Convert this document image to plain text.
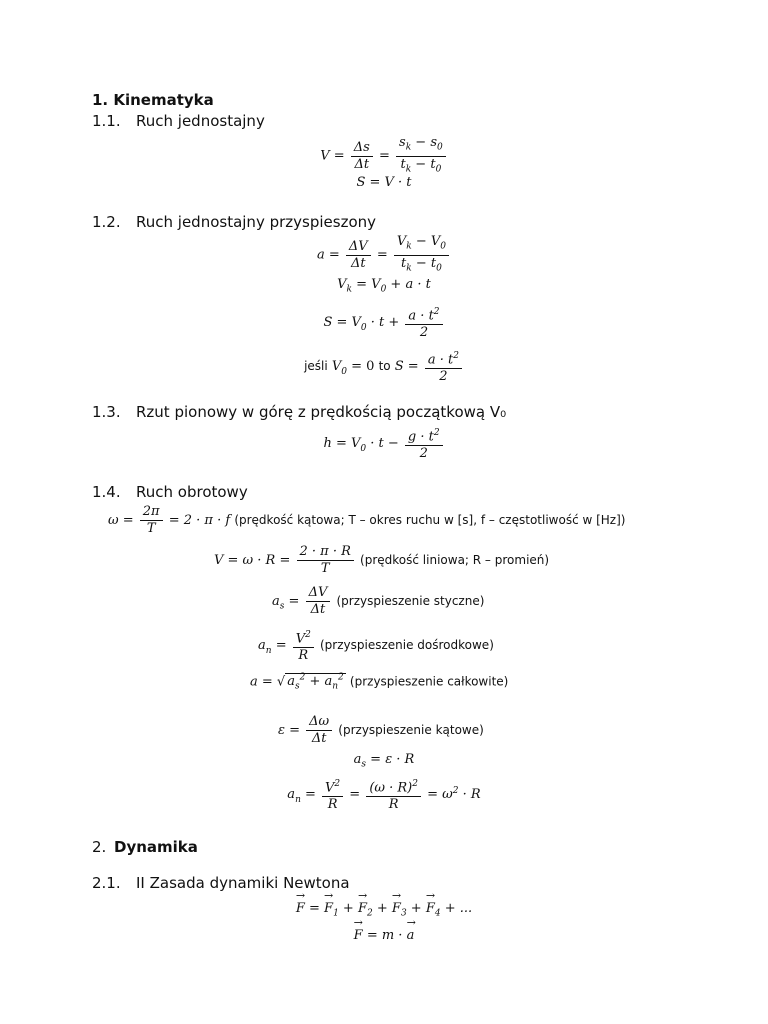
1. Kinematyka
1.1. Ruch jednostajny
$V = \frac{\Delta s}{\Delta t} = \frac{s_k - s_0}{t_k - t_0}$
S = V · t
1.2. Ruch jednostajny przyspieszony
$a = \frac{\Delta V}{\Delta t} = \frac{V_k - V_0}{t_k - t_0}$
$V_k = V_0 + a \cdot t$
$S = V_0 \cdot t + \frac{a \cdot t^2}{2}$
jeśli $V_0 = 0$ to $S = \frac{a \cdot t^2}{2}$
1.3. Rzut pionowy w górę z prędkością początkową V₀
$h = V_0 \cdot t - \frac{g \cdot t^2}{2}$
1.4. Ruch obrotowy
$\omega = \frac{2\pi}{T} = 2 \cdot \pi \cdot f$ (prędkość kątowa; T – okres ruchu w [s], f – częstotliwość w [Hz])
$V = \omega \cdot R = \frac{2 \cdot \pi \cdot R}{T}$ (prędkość liniowa; R – promień)
$a_s = \frac{\Delta V}{\Delta t}$ (przyspieszenie styczne)
$a_n = \frac{V^2}{R}$ (przyspieszenie dośrodkowe)
a = √ $a_s^2 + a_n^2$ (przyspieszenie całkowite)
$\varepsilon = \frac{\Delta\omega}{\Delta t}$ (przyspieszenie kątowe)
$a_s = \varepsilon \cdot R$
$a_n = \frac{V^2}{R} = \frac{(\omega \cdot R)^2}{R} = \omega^2 \cdot R$
2. Dynamika
2.1. II Zasada dynamiki Newtona
→ F = → $F_1$ + → $F_2$ + → $F_3$ + → $F_4$ + ...
→ F = m · → a
